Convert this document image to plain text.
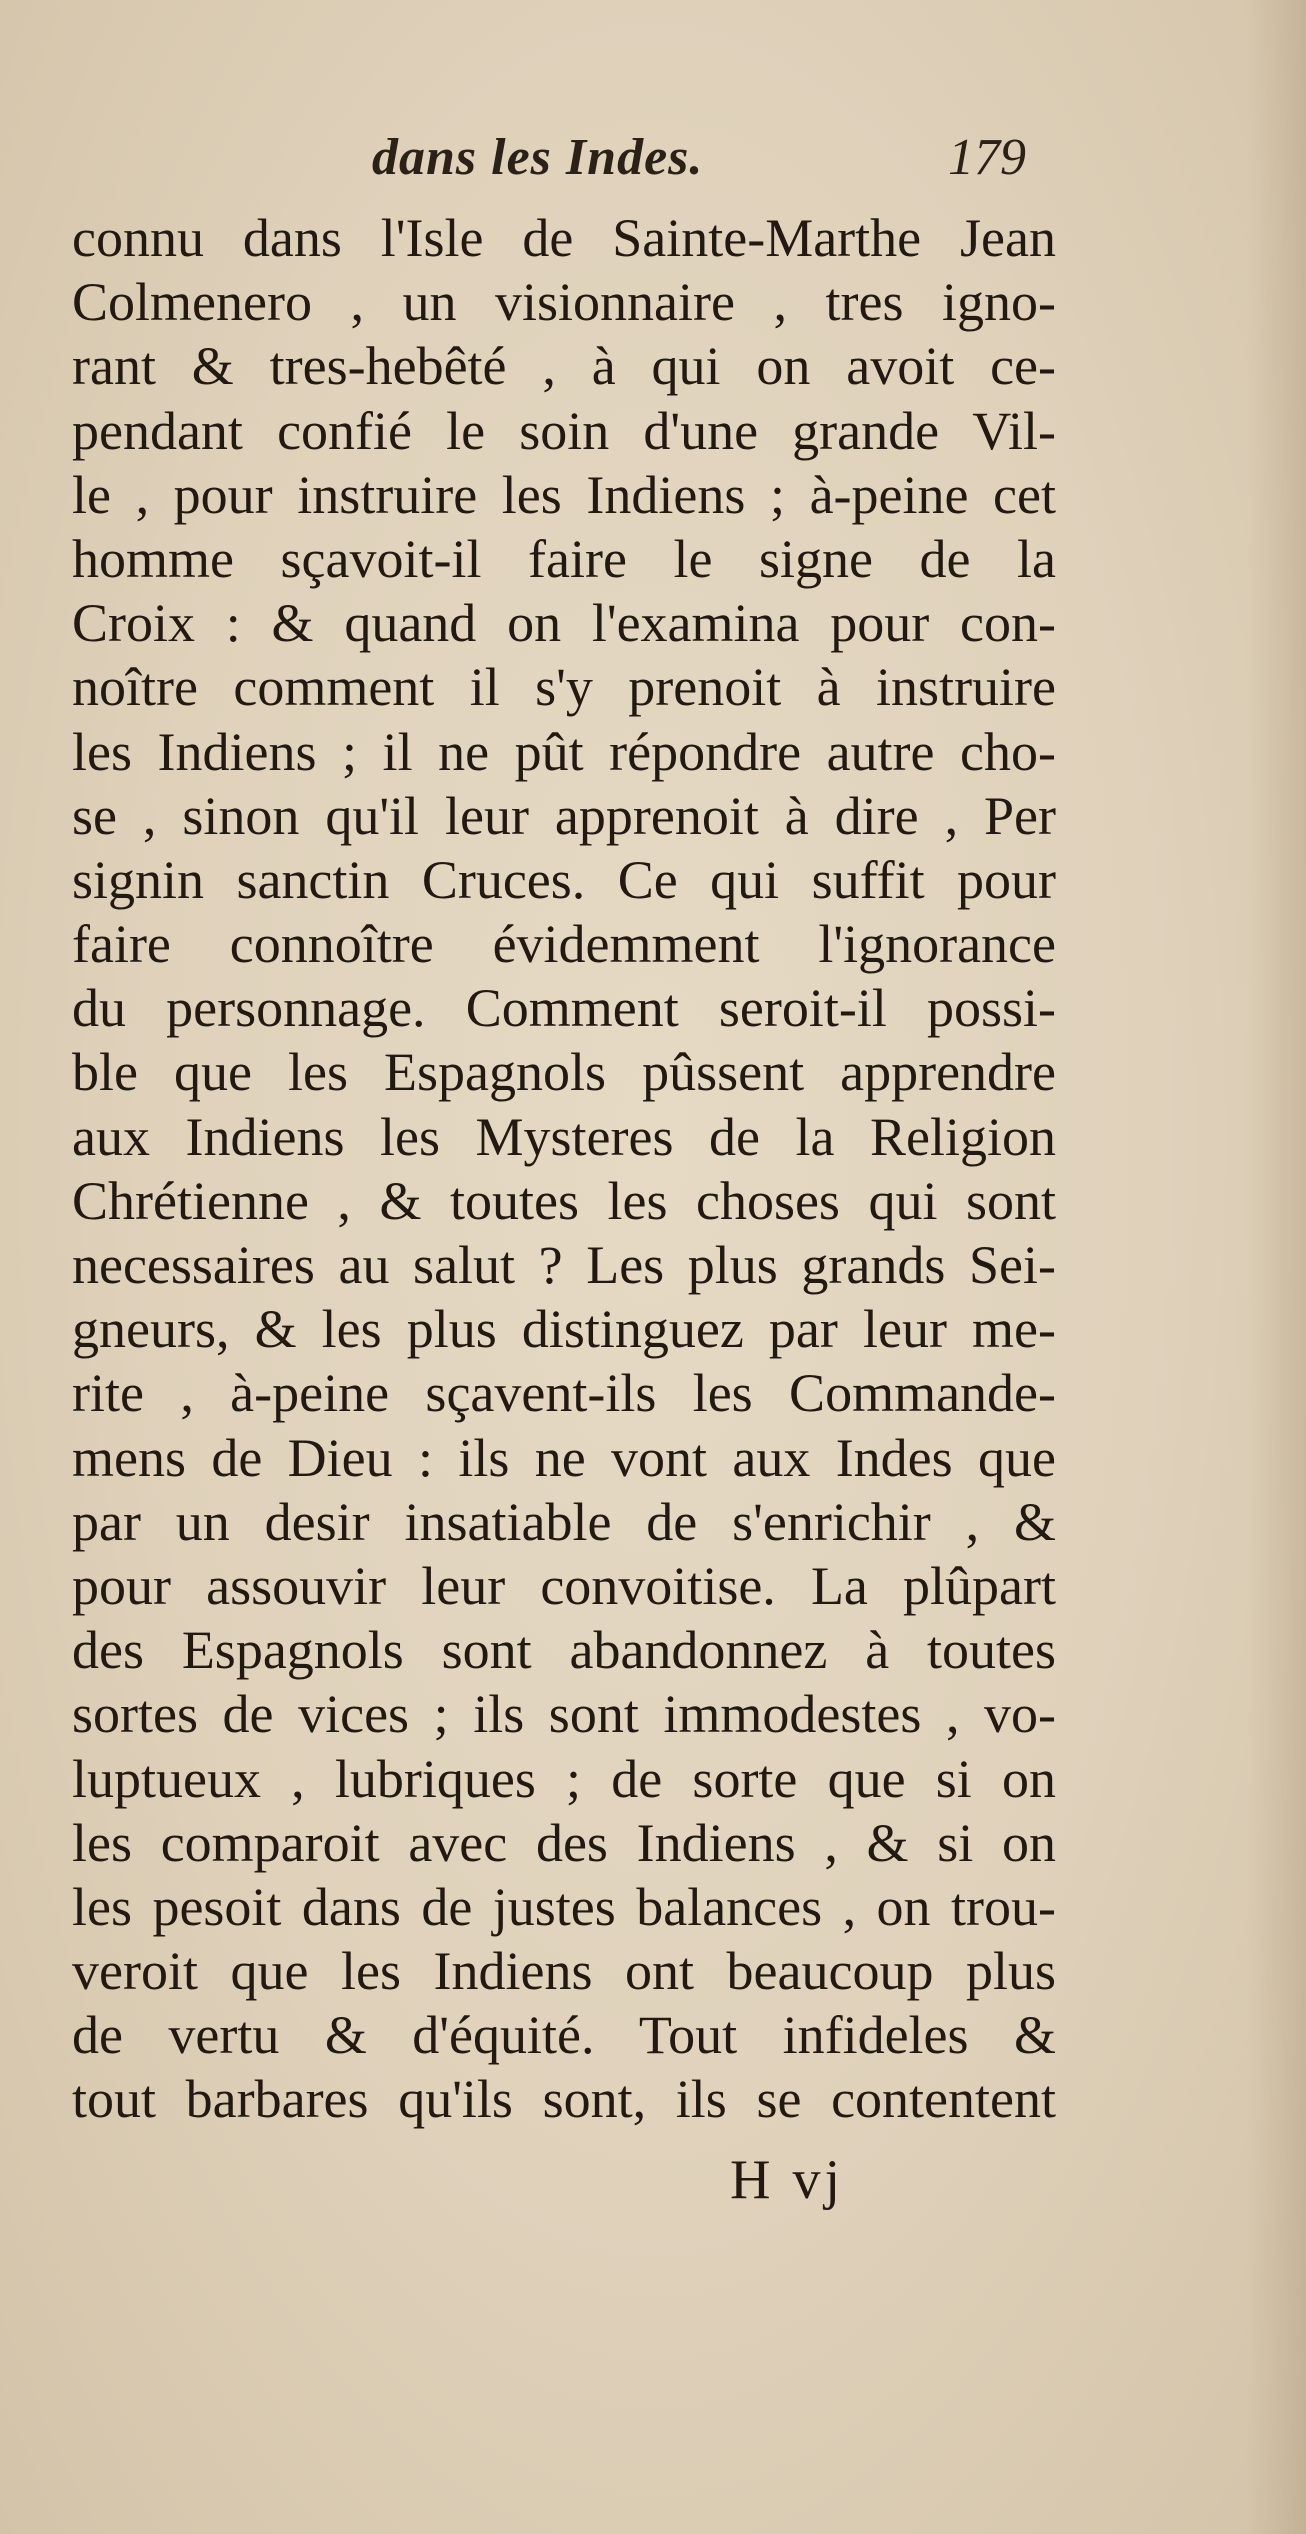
dans les Indes.	179
connu dans l'Isle de Sainte-Marthe Jean
Colmenero , un visionnaire , tres igno-
rant & tres-hebêté , à qui on avoit ce-
pendant confié le soin d'une grande Vil-
le , pour instruire les Indiens ; à-peine cet
homme sçavoit-il faire le signe de la
Croix : & quand on l'examina pour con-
noître comment il s'y prenoit à instruire
les Indiens ; il ne pût répondre autre cho-
se , sinon qu'il leur apprenoit à dire , Per
signin sanctin Cruces. Ce qui suffit pour
faire connoître évidemment l'ignorance
du personnage. Comment seroit-il possi-
ble que les Espagnols pûssent apprendre
aux Indiens les Mysteres de la Religion
Chrétienne , & toutes les choses qui sont
necessaires au salut ? Les plus grands Sei-
gneurs, & les plus distinguez par leur me-
rite , à-peine sçavent-ils les Commande-
mens de Dieu : ils ne vont aux Indes que
par un desir insatiable de s'enrichir , &
pour assouvir leur convoitise. La plûpart
des Espagnols sont abandonnez à toutes
sortes de vices ; ils sont immodestes , vo-
luptueux , lubriques ; de sorte que si on
les comparoit avec des Indiens , & si on
les pesoit dans de justes balances , on trou-
veroit que les Indiens ont beaucoup plus
de vertu & d'équité. Tout infideles &
tout barbares qu'ils sont, ils se contentent
H vj
